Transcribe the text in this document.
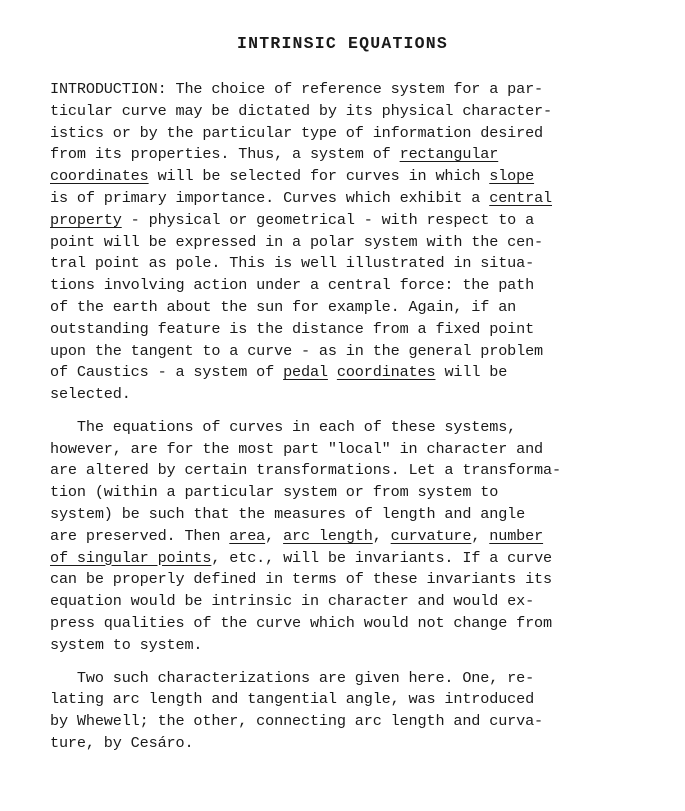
INTRINSIC EQUATIONS
INTRODUCTION: The choice of reference system for a par-
ticular curve may be dictated by its physical character-
istics or by the particular type of information desired
from its properties. Thus, a system of rectangular
coordinates will be selected for curves in which slope
is of primary importance. Curves which exhibit a central
property - physical or geometrical - with respect to a
point will be expressed in a polar system with the cen-
tral point as pole. This is well illustrated in situa-
tions involving action under a central force: the path
of the earth about the sun for example. Again, if an
outstanding feature is the distance from a fixed point
upon the tangent to a curve - as in the general problem
of Caustics - a system of pedal coordinates will be
selected.
The equations of curves in each of these systems,
however, are for the most part "local" in character and
are altered by certain transformations. Let a transforma-
tion (within a particular system or from system to
system) be such that the measures of length and angle
are preserved. Then area, arc length, curvature, number
of singular points, etc., will be invariants. If a curve
can be properly defined in terms of these invariants its
equation would be intrinsic in character and would ex-
press qualities of the curve which would not change from
system to system.
Two such characterizations are given here. One, re-
lating arc length and tangential angle, was introduced
by Whewell; the other, connecting arc length and curva-
ture, by Cesáro.
